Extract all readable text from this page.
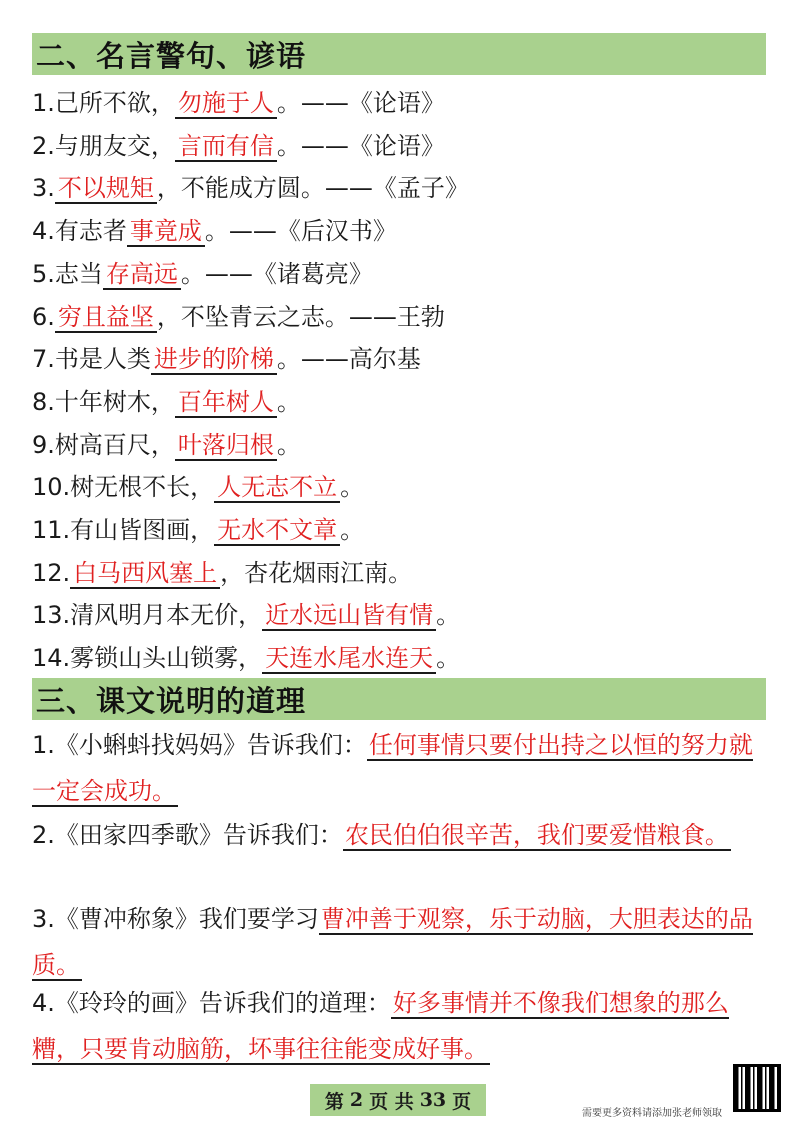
二、名言警句、谚语
1.己所不欲， 勿施于人 。——《论语》
2.与朋友交， 言而有信 。——《论语》
3. 不以规矩 ，不能成方圆。——《孟子》
4.有志者 事竟成 。——《后汉书》
5.志当 存高远 。——《诸葛亮》
6. 穷且益坚 ，不坠青云之志。——王勃
7.书是人类 进步的阶梯 。——高尔基
8.十年树木， 百年树人 。
9.树高百尺， 叶落归根 。
10.树无根不长， 人无志不立 。
11.有山皆图画， 无水不文章 。
12. 白马西风塞上 ，杏花烟雨江南。
13.清风明月本无价， 近水远山皆有情 。
14.雾锁山头山锁雾， 天连水尾水连天 。
三、课文说明的道理
1.《小蝌蚪找妈妈》告诉我们：任何事情只要付出持之以恒的努力就一定会成功。
2.《田家四季歌》告诉我们：农民伯伯很辛苦，我们要爱惜粮食。
3.《曹冲称象》我们要学习曹冲善于观察，乐于动脑，大胆表达的品质。
4.《玲玲的画》告诉我们的道理：好多事情并不像我们想象的那么糟，只要肯动脑筋，坏事往往能变成好事。
第 2 页 共 33 页
需要更多资料请添加张老师领取
